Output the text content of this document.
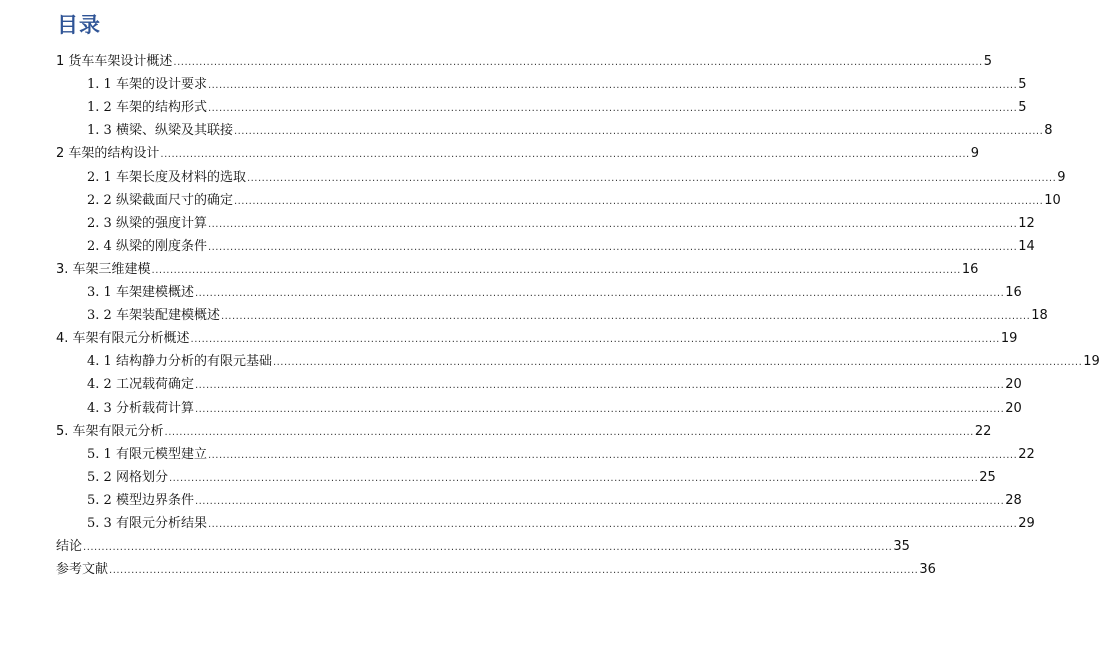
目录
1 货车车架设计概述 ............................................................................................................................................................................................................................ 5
1. 1 车架的设计要求 ............................................................................................................................................................................................................................ 5
1. 2 车架的结构形式 ............................................................................................................................................................................................................................ 5
1. 3 横梁、纵梁及其联接 ............................................................................................................................................................................................................................ 8
2 车架的结构设计 ............................................................................................................................................................................................................................ 9
2. 1 车架长度及材料的选取 ............................................................................................................................................................................................................................ 9
2. 2 纵梁截面尺寸的确定 ............................................................................................................................................................................................................................ 10
2. 3 纵梁的强度计算 ............................................................................................................................................................................................................................ 12
2. 4 纵梁的刚度条件 ............................................................................................................................................................................................................................ 14
3. 车架三维建模 ............................................................................................................................................................................................................................ 16
3. 1 车架建模概述 ............................................................................................................................................................................................................................ 16
3. 2 车架装配建模概述 ............................................................................................................................................................................................................................ 18
4. 车架有限元分析概述 ............................................................................................................................................................................................................................ 19
4. 1 结构静力分析的有限元基础 ............................................................................................................................................................................................................................ 19
4. 2 工况载荷确定 ............................................................................................................................................................................................................................ 20
4. 3 分析载荷计算 ............................................................................................................................................................................................................................ 20
5. 车架有限元分析 ............................................................................................................................................................................................................................ 22
5. 1 有限元模型建立 ............................................................................................................................................................................................................................ 22
5. 2 网格划分 ............................................................................................................................................................................................................................ 25
5. 2 模型边界条件 ............................................................................................................................................................................................................................ 28
5. 3 有限元分析结果 ............................................................................................................................................................................................................................ 29
结论 ............................................................................................................................................................................................................................ 35
参考文献 ............................................................................................................................................................................................................................ 36
